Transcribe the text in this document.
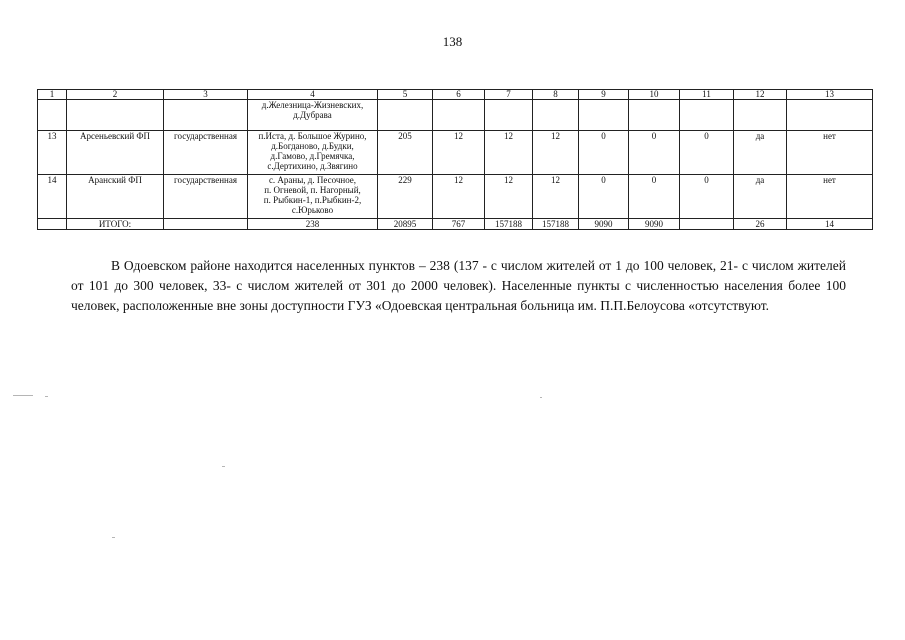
138
1	2	3	4	5	6	7	8	9	10	11	12	13

			д.Железница-Жизневских,
д.Дубрава									

13	Арсеньевский ФП	государственная	п.Иста, д. Большое Журино,
д.Богданово, д.Будки,
д.Гамово, д.Гремячка,
с.Дертихино, д.Звягино	205	12	12	12	0	0	0	да	нет
14	Аранский ФП	государственная	с. Араны, д. Песочное,
п. Огневой, п. Нагорный,
п. Рыбкин-1, п.Рыбкин-2,
с.Юрьково	229	12	12	12	0	0	0	да	нет
	ИТОГО:		238	20895	767	157188	157188	9090	9090		26	14

В Одоевском районе находится населенных пунктов – 238 (137 - с числом жителей от 1 до 100 человек, 21- с числом жителей от 101 до 300 человек, 33- с числом жителей от 301 до 2000 человек). Населенные пункты с численностью населения более 100 человек, расположенные вне зоны доступности ГУЗ «Одоевская центральная больница им. П.П.Белоусова «отсутствуют.
